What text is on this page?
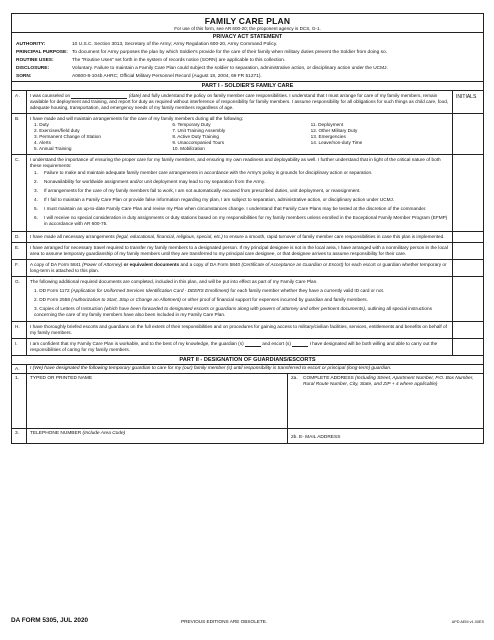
FAMILY CARE PLAN
For use of this form, see AR 600-20; the proponent agency is DCS, G-1.
PRIVACY ACT STATEMENT
AUTHORITY:	10 U.S.C. Section 3013, Secretary of the Army; Army Regulation 600-20, Army Command Policy.
PRINCIPAL PURPOSE: To document for Army purposes the plan by which Soldier's provide for the care of their family when military duties prevent the Soldier from doing so.
ROUTINE USES:	The "Routine Uses" set forth in the system of records notice (SORN) are applicable to this collection.
DISCLOSURE:	Voluntary. Failure to maintain a Family Care Plan could subject the soldier to separation, administrative action, or disciplinary action under the UCMJ.
SORN:	A0600-8-104b AHRC; Official Military Personnel Record (August 18, 2004, 69 FR 51271).
PART I - SOLDIER'S FAMILY CARE
A .	I was counseled on	(date) and fully understand the policy on family member care responsibilities. I understand that I must arrange for care of my family members, remain available for deployment and training, and report for duty as required without interference of responsibility for family members. I assume responsibility for all obligations for such things as child care, food, adequate housing, transportation, and emergency needs of my family members regardless of age.
INITIALS
B.	I have made and will maintain arrangements for the care of my family members during all the following:
1. Duty
2. Exercises/field duty
3. Permanent Change of Station
4. Alerts
5. Annual Training
6. Temporary Duty
7. Unit Training Assembly
8. Active Duty Training
9. Unaccompanied Tours
10. Mobilization
11. Deployment
12. Other Military Duty
13. Emergencies
14. Leave/non-duty Time
C.	I understand the importance of ensuring the proper care for my family members, and ensuring my own readiness and deployability as well. I further understand that in light of the critical nature of both these requirements:
1.	Failure to make and maintain adequate family member care arrangements in accordance with the Army's policy is grounds for disciplinary action or separation.
2.	Nonavailability for worldwide assignment and/or unit deployment may lead to my separation from the Army.
3.	If arrangements for the care of my family members fail to work, I am not automatically excused from prescribed duties, unit deployment, or reassignment.
4.	If I fail to maintain a Family Care Plan or provide false information regarding my plan, I am subject to separation, administrative action, or disciplinary action under UCMJ.
5.	I must maintain an up-to-date Family Care Plan and revise my Plan when circumstances change. I understand that Family Care Plans may be tested at the discretion of the commander.
6.	I will receive no special consideration in duty assignments or duty stations based on my responsibilities for my family members unless enrolled in the Exceptional Family Member Program (EFMP) in accordance with AR 600-75.
D.	I have made all necessary arrangements (legal, educational, financial, religious, special, etc.) to ensure a smooth, rapid turnover of family member care responsibilities in case this plan is implemented.
E.	I have arranged for necessary travel required to transfer my family members to a designated person. If my principal designee is not in the local area, I have arranged with a nonmilitary person in the local area to assume temporary guardianship of my family members until they are transferred to my principal care designee, or that designee arrives to assume responsibility for their care.
F.	A copy of DA Form 5841 (Power of Attorney) or equivalent documents and a copy of DA Form 5840 (Certificate of Acceptance as Guardian or Escort) for each escort or guardian whether temporary or long-term is attached to this plan.
G.	The following additional required documents are completed, included in this plan, and will be put into effect as part of my Family Care Plan.
1. DD Form 1172 (Application for Uniformed Services Identification Card - DEERS Enrollment) for each family member whether they have a currently valid ID card or not.
2. DD Form 2558 (Authorization to Start, Stop or Change an Allotment) or other proof of financial support for expenses incurred by guardian and family members.
3. Copies of Letters of Instruction (which have been forwarded to designated escorts or guardians along with powers of attorney and other pertinent documents), outlining all special instructions concerning the care of my family members have also been included in my Family Care Plan.
H.	I have thoroughly briefed escorts and guardians on the full extent of their responsibilities and on procedures for gaining access to military/civilian facilities, services, entitlements and benefits on behalf of my family members.
I.	I am confident that my Family Care Plan is workable, and to the best of my knowledge, the guardian (s)	and escort (s)	I have designated will be both willing and able to carry out the responsibilities of caring for my family members.
PART II - DESIGNATION OF GUARDIANS/ESCORTS
A.	I (We) have designated the following temporary guardian to care for my (our) family member (s) until responsibility is transferred to escort or principal (long-term) guardian.
1.	TYPED OR PRINTED NAME	2a.	COMPLETE ADDRESS (Including Street, Apartment Number, P.O. Box Number, Rural Route Number, City, State, and ZIP + 4 where applicable)
3.	TELEPHONE NUMBER (Include Area Code)
2b. E- MAIL ADDRESS
DA FORM 5305, JUL 2020	PREVIOUS EDITIONS ARE OBSOLETE.	APD AEM v1.00ES
